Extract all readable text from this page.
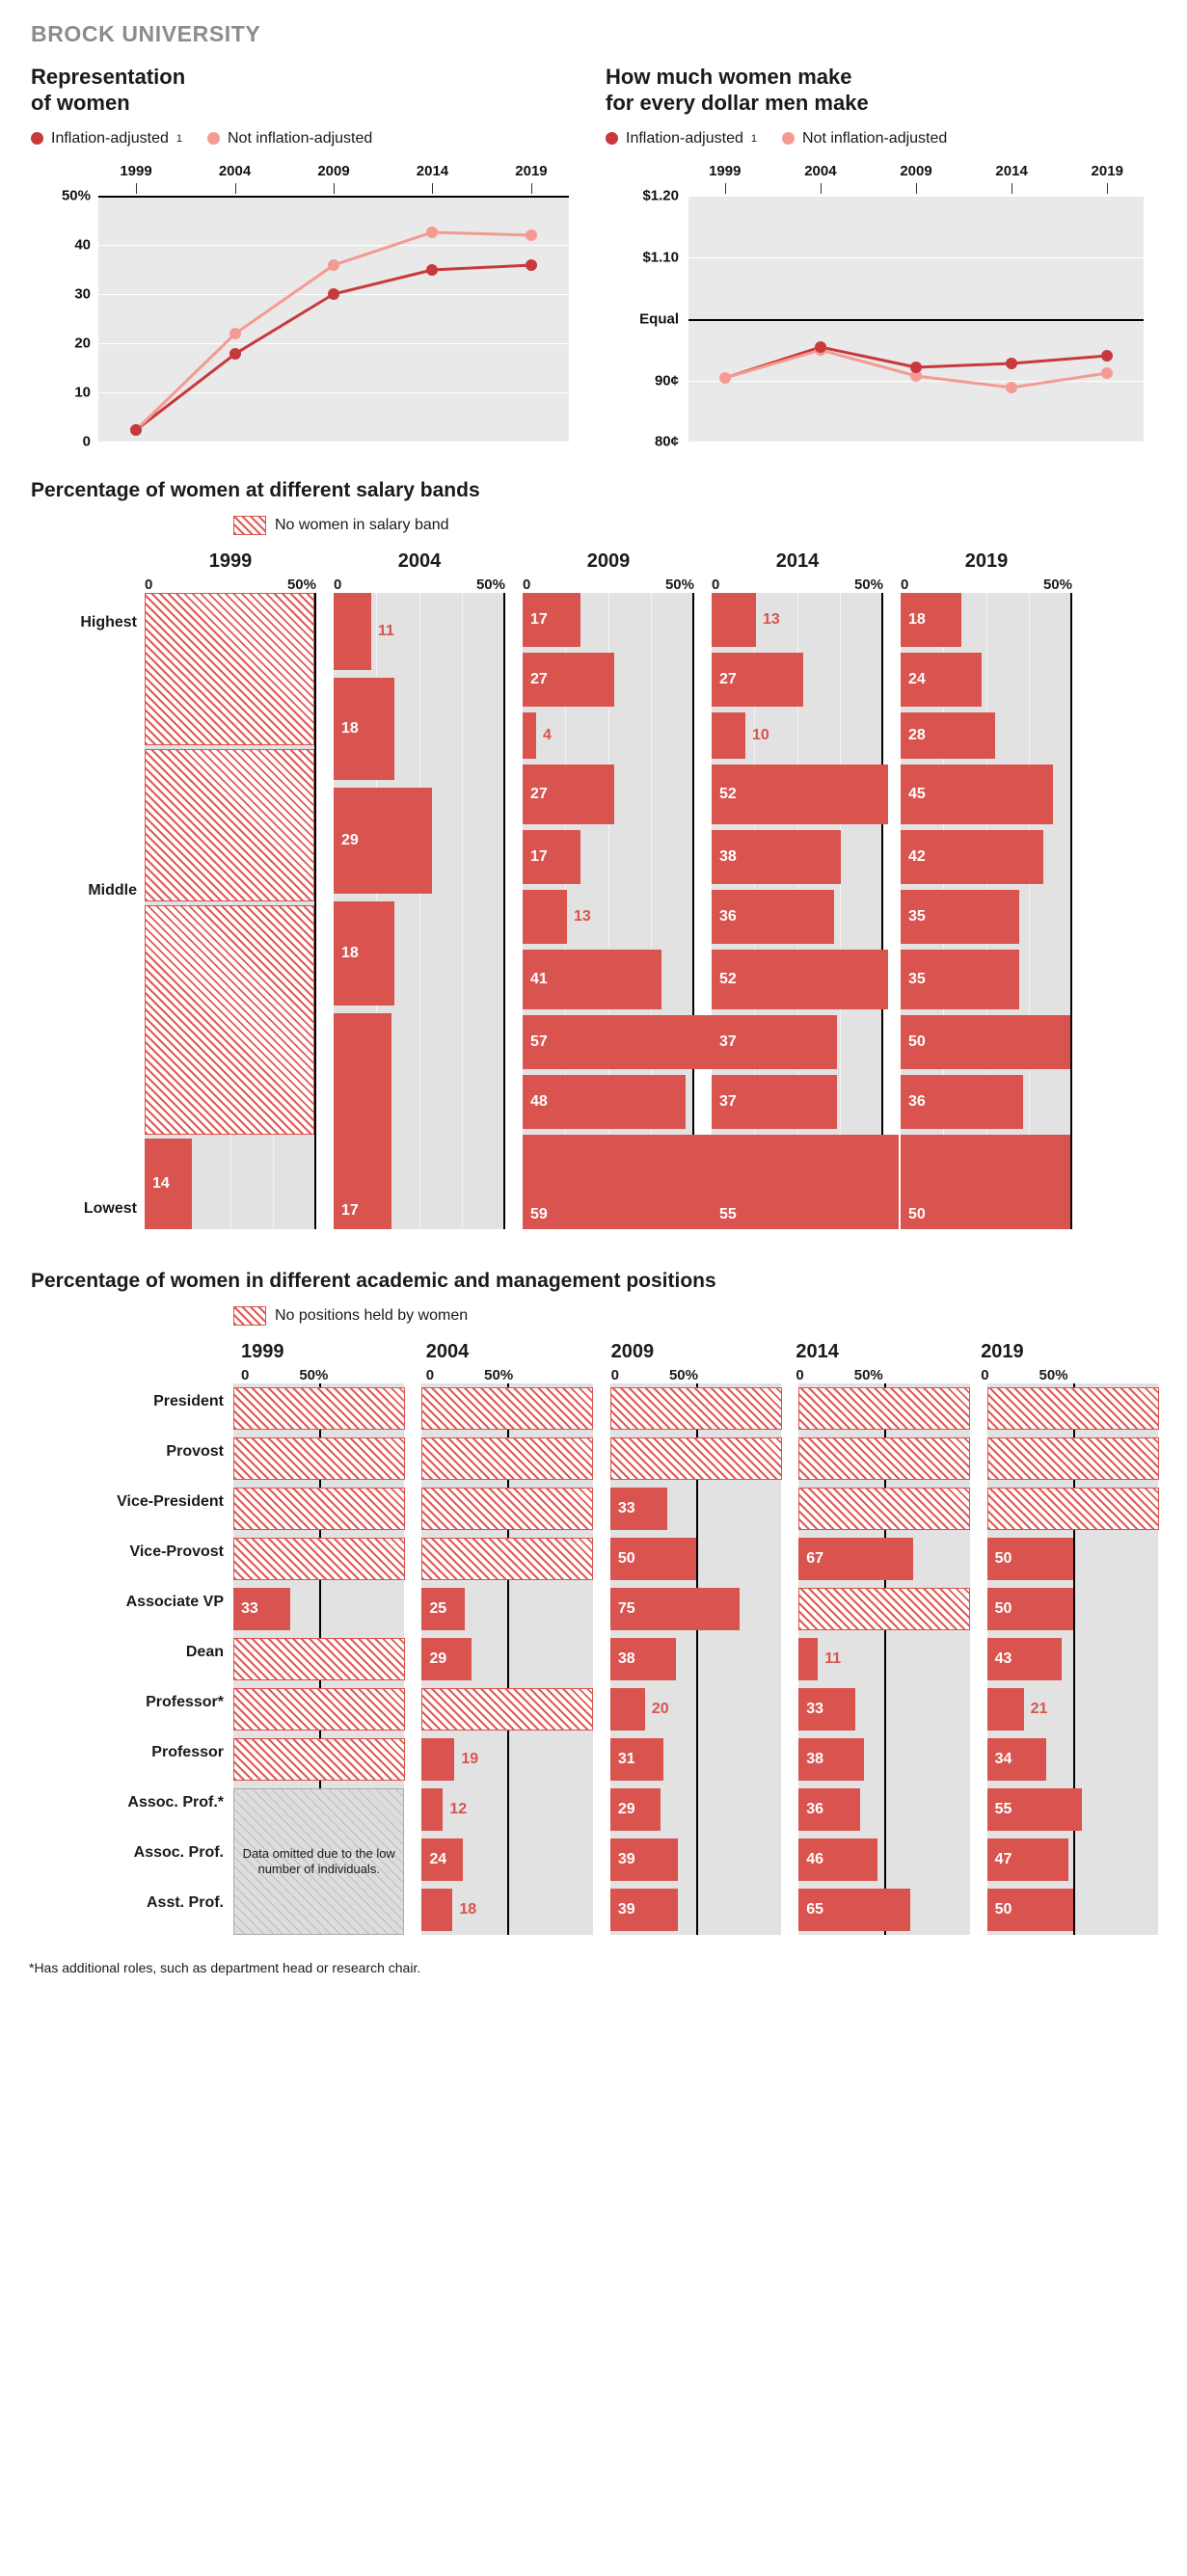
BROCK UNIVERSITY
Representation
of women
Inflation-adjusted 1	Not inflation-adjusted
1999	2004	2009	2014	2019
50%
40
30
20
10
0
How much women make
for every dollar men make
Inflation-adjusted 1	Not inflation-adjusted
1999	2004	2009	2014	2019
$1.20
$1.10
Equal
90¢
80¢
Percentage of women at different salary bands
No women in salary band
1999
0	50%
2004
0	50%
2009
0	50%
2014
0	50%
2019
0	50%
Highest
Middle
Lowest
14
11
18
29
18
17
17
27
4
27
17
13
41
57
48
59
13
27
10
52
38
36
52
37
37
55
18
24
28
45
42
35
35
50
36
50
Percentage of women in different academic and management positions
No positions held by women
1999
0	50%
2004
0	50%
2009
0	50%
2014
0	50%
2019
0	50%
President
Provost
Vice-President
Vice-Provost
Associate VP
Dean
Professor*
Professor
Assoc. Prof.*
Assoc. Prof.
Asst. Prof.
33
Data omitted due to the low number of individuals.
25
29
19
12
24
18
33
50
75
38
20
31
29
39
39
67
11
33
38
36
46
65
50
50
43
21
34
55
47
50
*Has additional roles, such as department head or research chair.
